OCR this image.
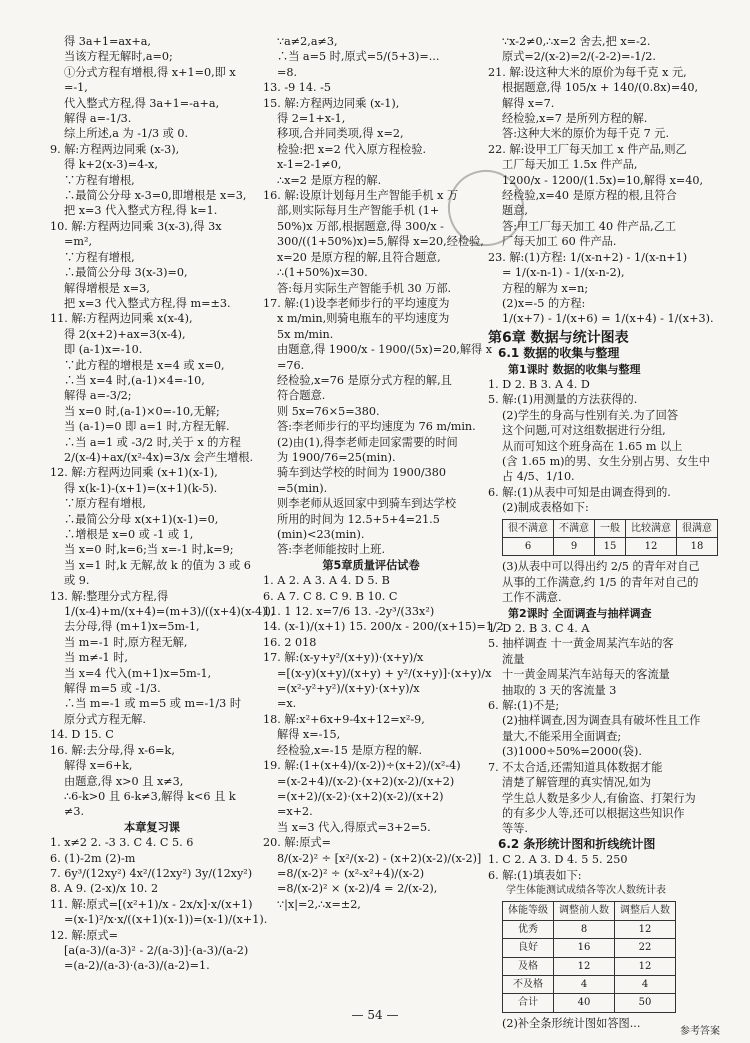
得 3a+1=ax+a,
当该方程无解时,a=0;
①分式方程有增根,得 x+1=0,即 x
=-1,
代入整式方程,得 3a+1=-a+a,
解得 a=-1/3.
综上所述,a 为 -1/3 或 0.
9. 解:方程两边同乘 (x-3),
得 k+2(x-3)=4-x,
∵方程有增根,
∴最简公分母 x-3=0,即增根是 x=3,
把 x=3 代入整式方程,得 k=1.
10. 解:方程两边同乘 3(x-3),得 3x
=m²,
∵方程有增根,
∴最简公分母 3(x-3)=0,
解得增根是 x=3,
把 x=3 代入整式方程,得 m=±3.
11. 解:方程两边同乘 x(x-4),
得 2(x+2)+ax=3(x-4),
即 (a-1)x=-10.
∵此方程的增根是 x=4 或 x=0,
∴当 x=4 时,(a-1)×4=-10,
解得 a=-3/2;
当 x=0 时,(a-1)×0=-10,无解;
当 (a-1)=0 即 a=1 时,方程无解.
∴当 a=1 或 -3/2 时,关于 x 的方程
2/(x-4)+ax/(x²-4x)=3/x 会产生增根.
12. 解:方程两边同乘 (x+1)(x-1),
得 x(k-1)-(x+1)=(x+1)(k-5).
∵原方程有增根,
∴最简公分母 x(x+1)(x-1)=0,
∴增根是 x=0 或 -1 或 1,
当 x=0 时,k=6;当 x=-1 时,k=9;
当 x=1 时,k 无解,故 k 的值为 3 或 6
或 9.
13. 解:整理分式方程,得
1/(x-4)+m/(x+4)=(m+3)/((x+4)(x-4)),
去分母,得 (m+1)x=5m-1,
当 m=-1 时,原方程无解,
当 m≠-1 时,
当 x=4 代入(m+1)x=5m-1,
解得 m=5 或 -1/3.
∴当 m=-1 或 m=5 或 m=-1/3 时
原分式方程无解.
14. D 15. C
16. 解:去分母,得 x-6=k,
解得 x=6+k,
由题意,得 x>0 且 x≠3,
∴6-k>0 且 6-k≠3,解得 k<6 且 k
≠3.
本章复习课
1. x≠2 2. -3 3. C 4. C 5. 6
6. (1)-2m (2)-m
7. 6y³/(12xy²) 4x²/(12xy²) 3y/(12xy²)
8. A 9. (2-x)/x 10. 2
11. 解:原式=[(x²+1)/x - 2x/x]·x/(x+1)
=(x-1)²/x·x/((x+1)(x-1))=(x-1)/(x+1).
12. 解:原式=
[a(a-3)/(a-3)² - 2/(a-3)]·(a-3)/(a-2)
=(a-2)/(a-3)·(a-3)/(a-2)=1.
∵a≠2,a≠3,
∴当 a=5 时,原式=5/(5+3)=...
=8.
13. -9 14. -5
15. 解:方程两边同乘 (x-1),
得 2=1+x-1,
移项,合并同类项,得 x=2,
检验:把 x=2 代入原方程检验.
x-1=2-1≠0,
∴x=2 是原方程的解.
16. 解:设原计划每月生产智能手机 x 万
部,则实际每月生产智能手机 (1+
50%)x 万部,根据题意,得 300/x -
300/((1+50%)x)=5,解得 x=20,经检验,
x=20 是原方程的解,且符合题意,
∴(1+50%)x=30.
答:每月实际生产智能手机 30 万部.
17. 解:(1)设李老师步行的平均速度为
x m/min,则骑电瓶车的平均速度为
5x m/min.
由题意,得 1900/x - 1900/(5x)=20,解得 x
=76.
经检验,x=76 是原分式方程的解,且
符合题意.
则 5x=76×5=380.
答:李老师步行的平均速度为 76 m/min.
(2)由(1),得李老师走回家需要的时间
为 1900/76=25(min).
骑车到达学校的时间为 1900/380
=5(min).
则李老师从返回家中到骑车到达学校
所用的时间为 12.5+5+4=21.5
(min)<23(min).
答:李老师能按时上班.
第5章质量评估试卷
1. A 2. A 3. A 4. D 5. B
6. A 7. C 8. C 9. B 10. C
11. 1 12. x=7/6 13. -2y³/(33x²)
14. (x-1)/(x+1) 15. 200/x - 200/(x+15)=1/2
16. 2 018
17. 解:(x-y+y²/(x+y))·(x+y)/x
=[(x-y)(x+y)/(x+y) + y²/(x+y)]·(x+y)/x
=(x²-y²+y²)/(x+y)·(x+y)/x
=x.
18. 解:x²+6x+9-4x+12=x²-9,
解得 x=-15,
经检验,x=-15 是原方程的解.
19. 解:(1+(x+4)/(x-2))÷(x+2)/(x²-4)
=(x-2+4)/(x-2)·(x+2)(x-2)/(x+2)
=(x+2)/(x-2)·(x+2)(x-2)/(x+2)
=x+2.
当 x=3 代入,得原式=3+2=5.
20. 解:原式=
8/(x-2)² ÷ [x²/(x-2) - (x+2)(x-2)/(x-2)]
=8/(x-2)² ÷ (x²-x²+4)/(x-2)
=8/(x-2)² × (x-2)/4 = 2/(x-2),
∵|x|=2,∴x=±2,
∵x-2≠0,∴x=2 舍去,把 x=-2.
原式=2/(x-2)=2/(-2-2)=-1/2.
21. 解:设这种大米的原价为每千克 x 元,
根据题意,得 105/x + 140/(0.8x)=40,
解得 x=7.
经检验,x=7 是所列方程的解.
答:这种大米的原价为每千克 7 元.
22. 解:设甲工厂每天加工 x 件产品,则乙
工厂每天加工 1.5x 件产品,
1200/x - 1200/(1.5x)=10,解得 x=40,
经检验,x=40 是原方程的根,且符合
题意,
答:甲工厂每天加工 40 件产品,乙工
厂每天加工 60 件产品.
23. 解:(1)方程: 1/(x-n+2) - 1/(x-n+1)
= 1/(x-n-1) - 1/(x-n-2),
方程的解为 x=n;
(2)x=-5 的方程:
1/(x+7) - 1/(x+6) = 1/(x+4) - 1/(x+3).
第6章 数据与统计图表
6.1 数据的收集与整理
第1课时 数据的收集与整理
1. D 2. B 3. A 4. D
5. 解:(1)用测量的方法获得的.
(2)学生的身高与性别有关.为了回答
这个问题,可对这组数据进行分组,
从而可知这个班身高在 1.65 m 以上
(含 1.65 m)的男、女生分别占男、女生中
占 4/5、1/10.
6. 解:(1)从表中可知是由调查得到的.
(2)制成表格如下:
很不满意	不满意	一般	比较满意	很满意
6	9	15	12	18
(3)从表中可以得出约 2/5 的青年对自己
从事的工作满意,约 1/5 的青年对自己的
工作不满意.
第2课时 全面调查与抽样调查
1. D 2. B 3. C 4. A
5. 抽样调查 十一黄金周某汽车站的客
流量
十一黄金周某汽车站每天的客流量
抽取的 3 天的客流量 3
6. 解:(1)不是;
(2)抽样调查,因为调查具有破坏性且工作
量大,不能采用全面调查;
(3)1000÷50%=2000(袋).
7. 不太合适,还需知道具体数据才能
清楚了解管理的真实情况,如为
学生总人数是多少人,有偷盗、打架行为
的有多少人等,还可以根据这些知识作
等等.
6.2 条形统计图和折线统计图
1. C 2. A 3. D 4. 5 5. 250
6. 解:(1)填表如下:
学生体能测试成绩各等次人数统计表
体能等级	调整前人数	调整后人数
优秀	8	12
良好	16	22
及格	12	12
不及格	4	4
合计	40	50
(2)补全条形统计图如答图...
— 54 —
参考答案
